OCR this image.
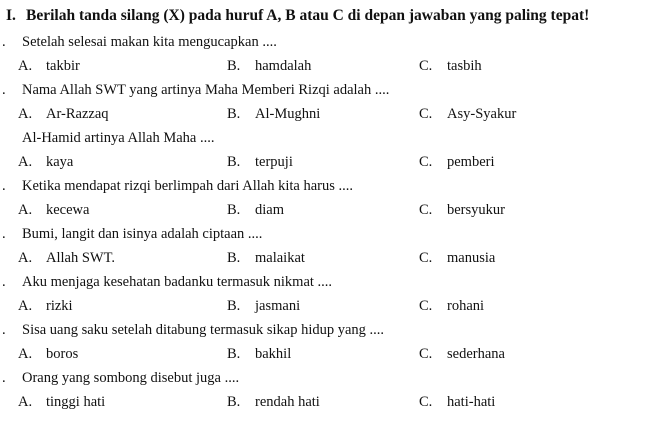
I. Berilah tanda silang (X) pada huruf A, B atau C di depan jawaban yang paling tepat!
. Setelah selesai makan kita mengucapkan ....
A. takbir	B. hamdalah	C. tasbih
. Nama Allah SWT yang artinya Maha Memberi Rizqi adalah ....
A. Ar-Razzaq	B. Al-Mughni	C. Asy-Syakur
Al-Hamid artinya Allah Maha ....
A. kaya	B. terpuji	C. pemberi
. Ketika mendapat rizqi berlimpah dari Allah kita harus ....
A. kecewa	B. diam	C. bersyukur
. Bumi, langit dan isinya adalah ciptaan ....
A. Allah SWT.	B. malaikat	C. manusia
. Aku menjaga kesehatan badanku termasuk nikmat ....
A. rizki	B. jasmani	C. rohani
. Sisa uang saku setelah ditabung termasuk sikap hidup yang ....
A. boros	B. bakhil	C. sederhana
. Orang yang sombong disebut juga ....
A. tinggi hati	B. rendah hati	C. hati-hati
